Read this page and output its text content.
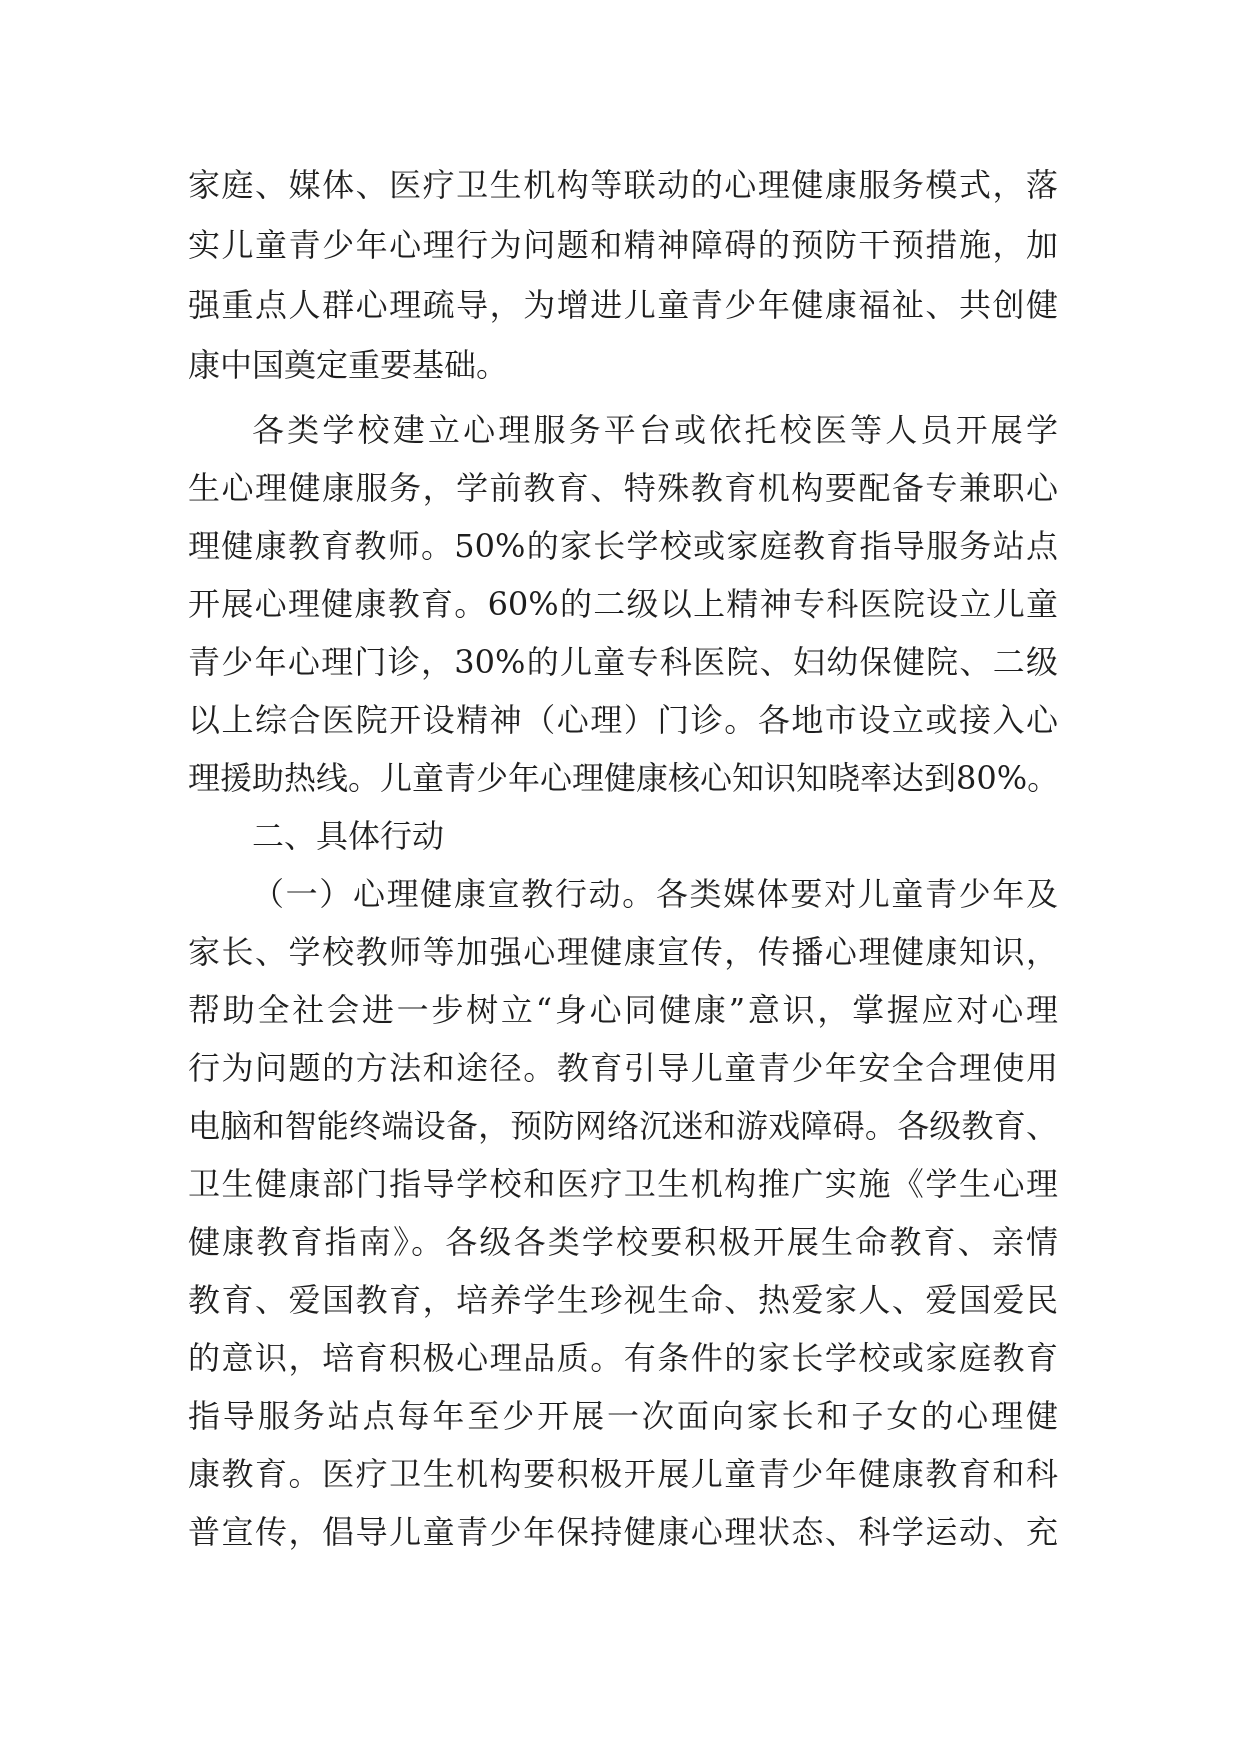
家庭、媒体、医疗卫生机构等联动的心理健康服务模式，落
实儿童青少年心理行为问题和精神障碍的预防干预措施，加
强重点人群心理疏导，为增进儿童青少年健康福祉、共创健
康中国奠定重要基础。
各类学校建立心理服务平台或依托校医等人员开展学
生心理健康服务，学前教育、特殊教育机构要配备专兼职心
理健康教育教师。50%的家长学校或家庭教育指导服务站点
开展心理健康教育。60%的二级以上精神专科医院设立儿童
青少年心理门诊，30%的儿童专科医院、妇幼保健院、二级
以上综合医院开设精神（心理）门诊。各地市设立或接入心
理援助热线。儿童青少年心理健康核心知识知晓率达到80%。
二、具体行动
（一）心理健康宣教行动。各类媒体要对儿童青少年及
家长、学校教师等加强心理健康宣传，传播心理健康知识，
帮助全社会进一步树立“身心同健康”意识，掌握应对心理
行为问题的方法和途径。教育引导儿童青少年安全合理使用
电脑和智能终端设备，预防网络沉迷和游戏障碍。各级教育、
卫生健康部门指导学校和医疗卫生机构推广实施《学生心理
健康教育指南》。各级各类学校要积极开展生命教育、亲情
教育、爱国教育，培养学生珍视生命、热爱家人、爱国爱民
的意识，培育积极心理品质。有条件的家长学校或家庭教育
指导服务站点每年至少开展一次面向家长和子女的心理健
康教育。医疗卫生机构要积极开展儿童青少年健康教育和科
普宣传，倡导儿童青少年保持健康心理状态、科学运动、充
